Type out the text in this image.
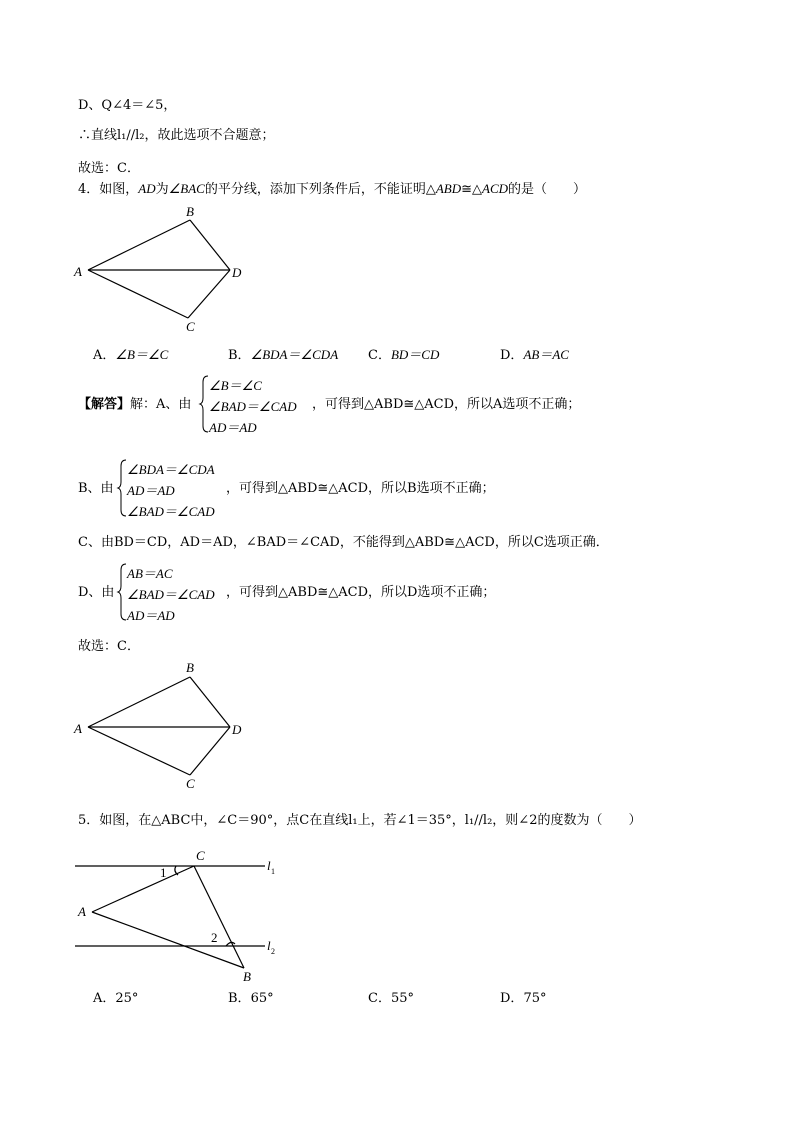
D、Q∠4＝∠5，
∴直线l₁//l₂，故此选项不合题意；
故选：C．
4．如图，AD为∠BAC的平分线，添加下列条件后，不能证明△ABD≅△ACD的是（　　）
A
B
C
D
A．∠B＝∠C	B．∠BDA＝∠CDA C．BD＝CD	D．AB＝AC
【解答】解：A、由
∠B＝∠C
∠BAD＝∠CAD
AD＝AD
，可得到△ABD≅△ACD，所以A选项不正确；
B、由
∠BDA＝∠CDA
AD＝AD
∠BAD＝∠CAD
，可得到△ABD≅△ACD，所以B选项不正确；
C、由BD＝CD，AD＝AD，∠BAD＝∠CAD，不能得到△ABD≅△ACD，所以C选项正确．
D、由
AB＝AC
∠BAD＝∠CAD
AD＝AD
，可得到△ABD≅△ACD，所以D选项不正确；
故选：C．
A
B
C
D
5．如图，在△ABC中，∠C＝90°，点C在直线l₁上，若∠1＝35°，l₁//l₂，则∠2的度数为（　　）
C
A
B
1
2
l 1
l 2
A．25°	B．65°	C．55°	D．75°
